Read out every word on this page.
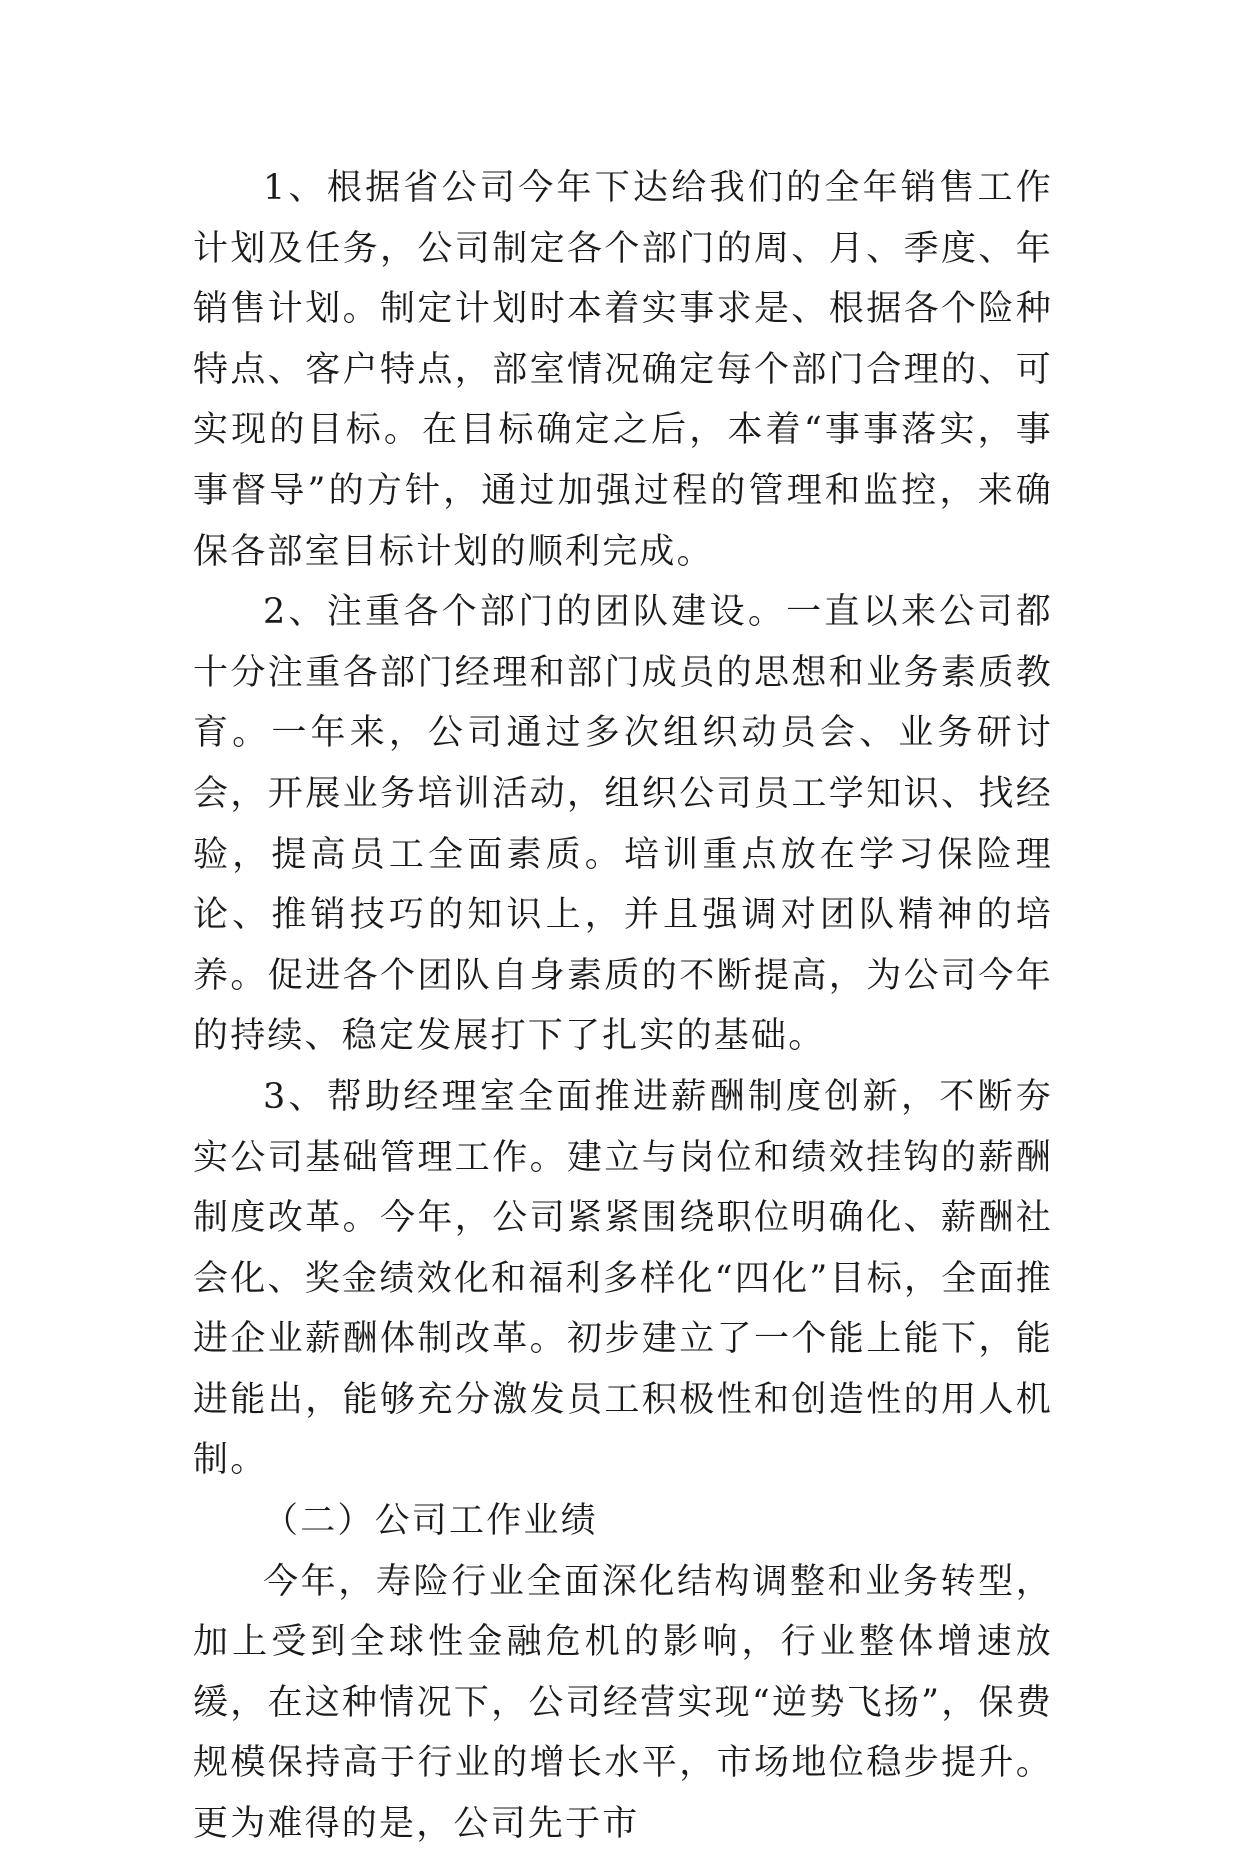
1、根据省公司今年下达给我们的全年销售工作计划及任务，公司制定各个部门的周、月、季度、年销售计划。制定计划时本着实事求是、根据各个险种特点、客户特点，部室情况确定每个部门合理的、可实现的目标。在目标确定之后，本着“事事落实，事事督导”的方针，通过加强过程的管理和监控，来确保各部室目标计划的顺利完成。

2、注重各个部门的团队建设。一直以来公司都十分注重各部门经理和部门成员的思想和业务素质教育。一年来，公司通过多次组织动员会、业务研讨会，开展业务培训活动，组织公司员工学知识、找经验，提高员工全面素质。培训重点放在学习保险理论、推销技巧的知识上，并且强调对团队精神的培养。促进各个团队自身素质的不断提高，为公司今年的持续、稳定发展打下了扎实的基础。

3、帮助经理室全面推进薪酬制度创新，不断夯实公司基础管理工作。建立与岗位和绩效挂钩的薪酬制度改革。今年，公司紧紧围绕职位明确化、薪酬社会化、奖金绩效化和福利多样化“四化”目标，全面推进企业薪酬体制改革。初步建立了一个能上能下，能进能出，能够充分激发员工积极性和创造性的用人机制。

（二）公司工作业绩

今年，寿险行业全面深化结构调整和业务转型，加上受到全球性金融危机的影响，行业整体增速放缓，在这种情况下，公司经营实现“逆势飞扬”，保费规模保持高于行业的增长水平，市场地位稳步提升。更为难得的是，公司先于市
